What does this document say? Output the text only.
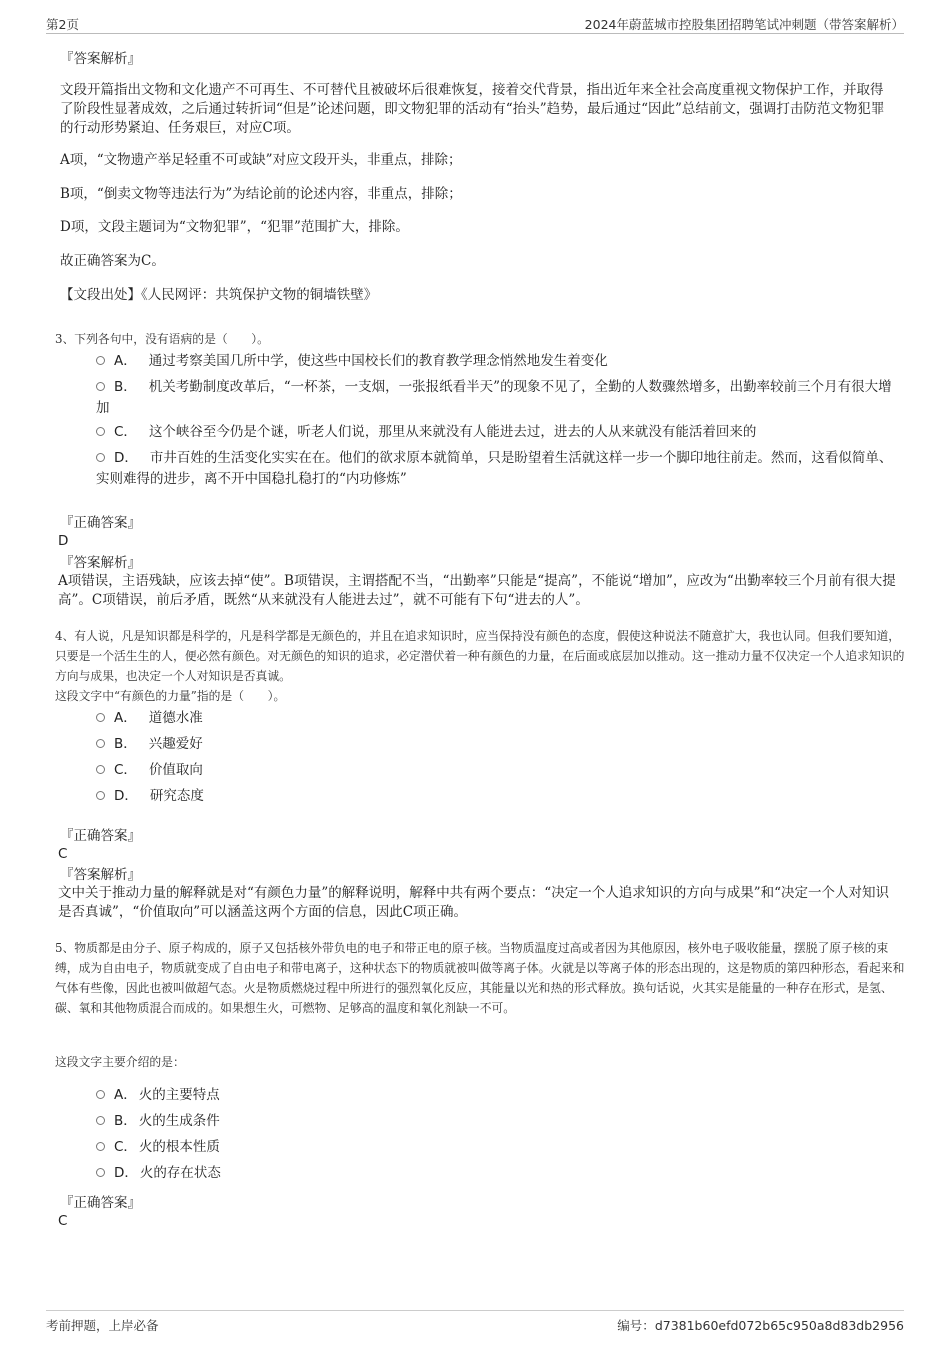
第2页	2024年蔚蓝城市控股集团招聘笔试冲刺题（带答案解析）
『答案解析』
文段开篇指出文物和文化遗产不可再生、不可替代且被破坏后很难恢复，接着交代背景，指出近年来全社会高度重视文物保护工作，并取得了阶段性显著成效，之后通过转折词“但是”论述问题，即文物犯罪的活动有“抬头”趋势，最后通过“因此”总结前文，强调打击防范文物犯罪的行动形势紧迫、任务艰巨，对应C项。
A项，“文物遗产举足轻重不可或缺”对应文段开头，非重点，排除；
B项，“倒卖文物等违法行为”为结论前的论述内容，非重点，排除；
D项，文段主题词为“文物犯罪”，“犯罪”范围扩大，排除。
故正确答案为C。
【文段出处】《人民网评：共筑保护文物的铜墙铁壁》
3、下列各句中，没有语病的是（　　）。
A． 通过考察美国几所中学，使这些中国校长们的教育教学理念悄然地发生着变化
B． 机关考勤制度改革后，“一杯茶，一支烟，一张报纸看半天”的现象不见了，全勤的人数骤然增多，出勤率较前三个月有很大增加
C． 这个峡谷至今仍是个谜，听老人们说，那里从来就没有人能进去过，进去的人从来就没有能活着回来的
D． 市井百姓的生活变化实实在在。他们的欲求原本就简单，只是盼望着生活就这样一步一个脚印地往前走。然而，这看似简单、实则难得的进步，离不开中国稳扎稳打的“内功修炼”
『正确答案』
D
『答案解析』
A项错误，主语残缺，应该去掉“使”。B项错误，主谓搭配不当，“出勤率”只能是“提高”，不能说“增加”，应改为“出勤率较三个月前有很大提高”。C项错误，前后矛盾，既然“从来就没有人能进去过”，就不可能有下句“进去的人”。
4、有人说，凡是知识都是科学的，凡是科学都是无颜色的，并且在追求知识时，应当保持没有颜色的态度，假使这种说法不随意扩大，我也认同。但我们要知道，只要是一个活生生的人，便必然有颜色。对无颜色的知识的追求，必定潜伏着一种有颜色的力量，在后面或底层加以推动。这一推动力量不仅决定一个人追求知识的方向与成果，也决定一个人对知识是否真诚。
这段文字中“有颜色的力量”指的是（　　）。
A． 道德水准
B． 兴趣爱好
C． 价值取向
D． 研究态度
『正确答案』
C
『答案解析』
文中关于推动力量的解释就是对“有颜色力量”的解释说明，解释中共有两个要点：“决定一个人追求知识的方向与成果”和“决定一个人对知识是否真诚”，“价值取向”可以涵盖这两个方面的信息，因此C项正确。
5、物质都是由分子、原子构成的，原子又包括核外带负电的电子和带正电的原子核。当物质温度过高或者因为其他原因，核外电子吸收能量，摆脱了原子核的束缚，成为自由电子，物质就变成了自由电子和带电离子，这种状态下的物质就被叫做等离子体。火就是以等离子体的形态出现的，这是物质的第四种形态，看起来和气体有些像，因此也被叫做超气态。火是物质燃烧过程中所进行的强烈氧化反应，其能量以光和热的形式释放。换句话说，火其实是能量的一种存在形式，是氢、碳、氧和其他物质混合而成的。如果想生火，可燃物、足够高的温度和氧化剂缺一不可。
这段文字主要介绍的是：
A． 火的主要特点
B． 火的生成条件
C． 火的根本性质
D． 火的存在状态
『正确答案』
C
考前押题，上岸必备	编号：d7381b60efd072b65c950a8d83db2956
